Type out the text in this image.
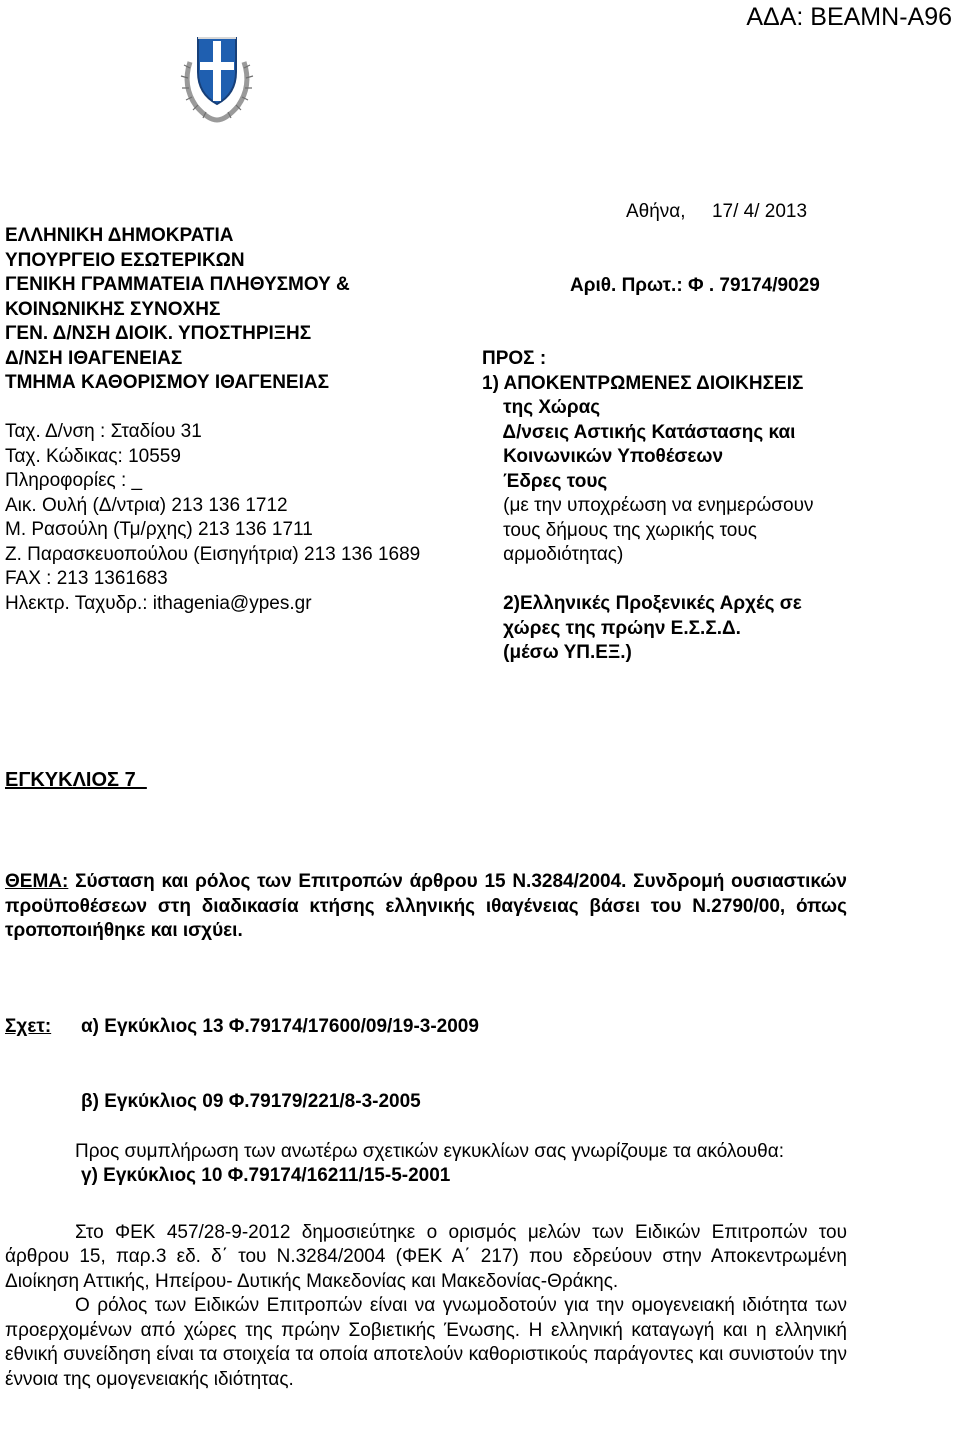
ΑΔΑ: ΒΕΑΜΝ-Α96
ΕΛΛΗΝΙΚΗ ΔΗΜΟΚΡΑΤΙΑ
ΥΠΟΥΡΓΕΙΟ ΕΣΩΤΕΡΙΚΩΝ
ΓΕΝΙΚΗ ΓΡΑΜΜΑΤΕΙΑ ΠΛΗΘΥΣΜΟΥ &
ΚΟΙΝΩΝΙΚΗΣ ΣΥΝΟΧΗΣ
ΓΕΝ. Δ/ΝΣΗ ΔΙΟΙΚ. ΥΠΟΣΤΗΡΙΞΗΣ
Δ/ΝΣΗ ΙΘΑΓΕΝΕΙΑΣ
ΤΜΗΜΑ ΚΑΘΟΡΙΣΜΟΥ ΙΘΑΓΕΝΕΙΑΣ
Ταχ. Δ/νση : Σταδίου 31
Ταχ. Κώδικας: 10559
Πληροφορίες : _
Αικ. Ουλή (Δ/ντρια) 213 136 1712
Μ. Ρασούλη (Τμ/ρχης) 213 136 1711
Ζ. Παρασκευοπούλου (Εισηγήτρια) 213 136 1689
FAX : 213 1361683
Ηλεκτρ. Ταχυδρ.: ithagenia@ypes.gr
Αθήνα,     17/ 4/ 2013
Αριθ. Πρωτ.: Φ . 79174/9029
ΠΡΟΣ :
1) ΑΠΟΚΕΝΤΡΩΜΕΝΕΣ ΔΙΟΙΚΗΣΕΙΣ
της Χώρας
Δ/νσεις Αστικής Κατάστασης και
Κοινωνικών Υποθέσεων
Έδρες τους
(με την υποχρέωση να ενημερώσουν
τους δήμους της χωρικής τους
αρμοδιότητας)
2)Ελληνικές Προξενικές Αρχές σε
χώρες της πρώην Ε.Σ.Σ.Δ.
(μέσω ΥΠ.ΕΞ.)
ΕΓΚΥΚΛΙΟΣ 7
ΘΕΜΑ: Σύσταση και ρόλος των Επιτροπών άρθρου 15 Ν.3284/2004. Συνδρομή ουσιαστικών προϋποθέσεων στη διαδικασία κτήσης ελληνικής ιθαγένειας βάσει του Ν.2790/00, όπως τροποποιήθηκε και ισχύει.

Σχετ: α) Εγκύκλιος 13 Φ.79174/17600/09/19-3-2009

β) Εγκύκλιος 09 Φ.79179/221/8-3-2005

γ) Εγκύκλιος 10 Φ.79174/16211/15-5-2001

Προς συμπλήρωση των ανωτέρω σχετικών εγκυκλίων σας γνωρίζουμε τα ακόλουθα:

Στο ΦΕΚ 457/28-9-2012 δημοσιεύτηκε ο ορισμός μελών των Ειδικών Επιτροπών του άρθρου 15, παρ.3 εδ. δ΄ του Ν.3284/2004 (ΦΕΚ Α΄ 217) που εδρεύουν στην Αποκεντρωμένη Διοίκηση Αττικής, Ηπείρου- Δυτικής Μακεδονίας και Μακεδονίας-Θράκης.

Ο ρόλος των Ειδικών Επιτροπών είναι να γνωμοδοτούν για την ομογενειακή ιδιότητα των προερχομένων από χώρες της πρώην Σοβιετικής Ένωσης. Η ελληνική καταγωγή και η ελληνική εθνική συνείδηση είναι τα στοιχεία τα οποία αποτελούν καθοριστικούς παράγοντες και συνιστούν την έννοια της ομογενειακής ιδιότητας.
